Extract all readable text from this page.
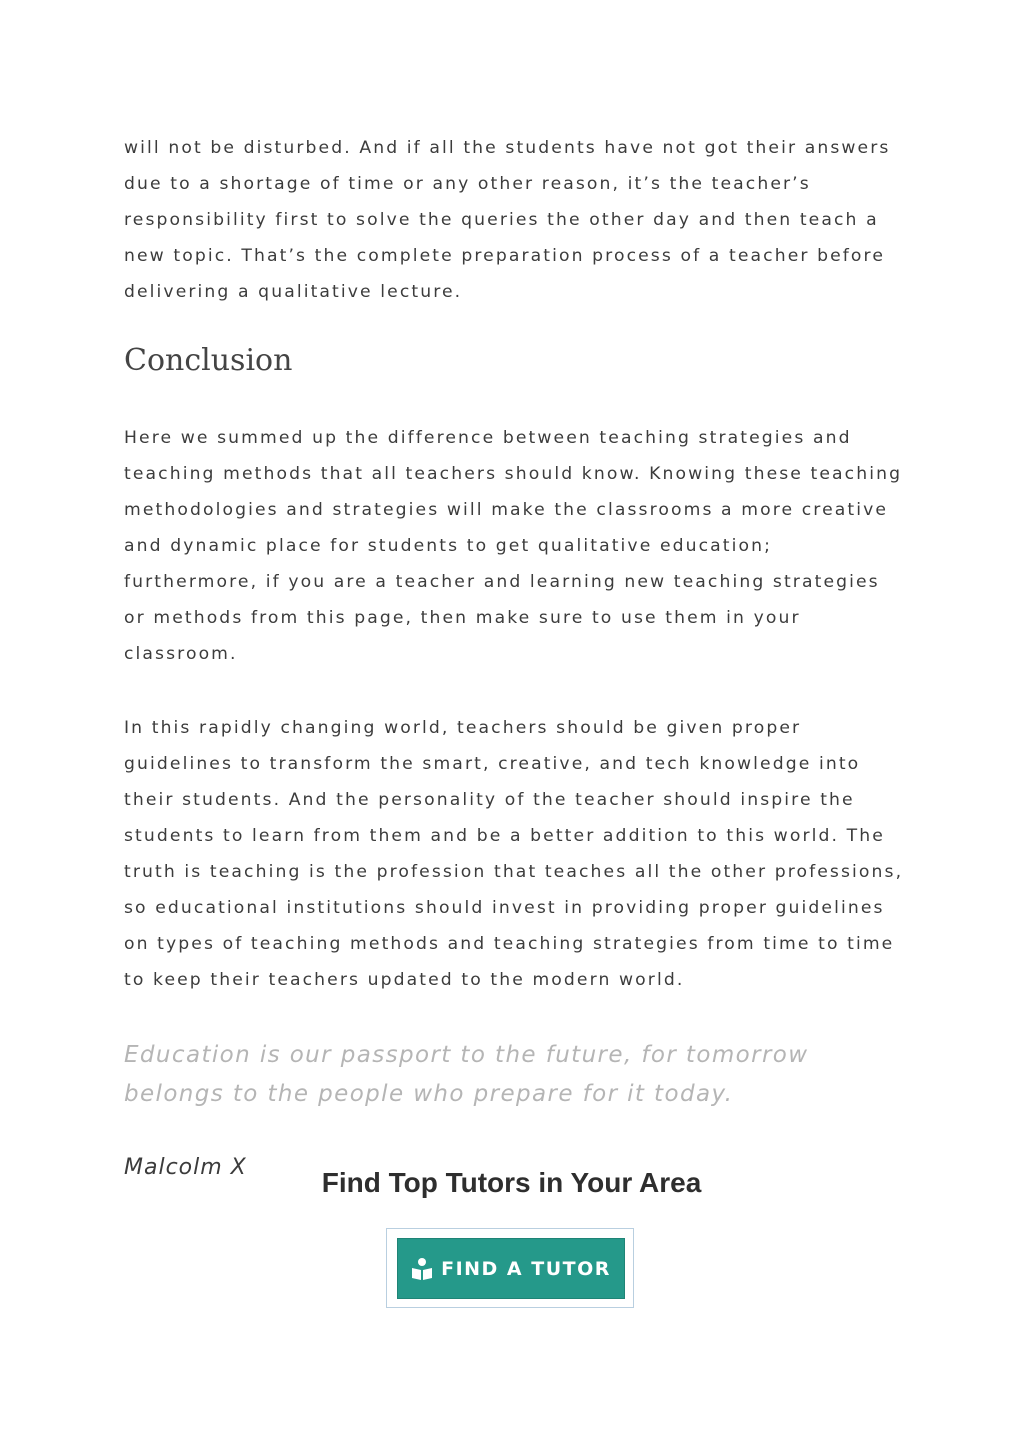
will not be disturbed. And if all the students have not got their answers due to a shortage of time or any other reason, it’s the teacher’s responsibility first to solve the queries the other day and then teach a new topic. That’s the complete preparation process of a teacher before delivering a qualitative lecture.

Conclusion

Here we summed up the difference between teaching strategies and teaching methods that all teachers should know. Knowing these teaching methodologies and strategies will make the classrooms a more creative and dynamic place for students to get qualitative education; furthermore, if you are a teacher and learning new teaching strategies or methods from this page, then make sure to use them in your classroom.

In this rapidly changing world, teachers should be given proper guidelines to transform the smart, creative, and tech knowledge into their students. And the personality of the teacher should inspire the students to learn from them and be a better addition to this world. The truth is teaching is the profession that teaches all the other professions, so educational institutions should invest in providing proper guidelines on types of teaching methods and teaching strategies from time to time to keep their teachers updated to the modern world.

Education is our passport to the future, for tomorrow belongs to the people who prepare for it today.

Malcolm X	Find Top Tutors in Your Area
FIND A TUTOR
